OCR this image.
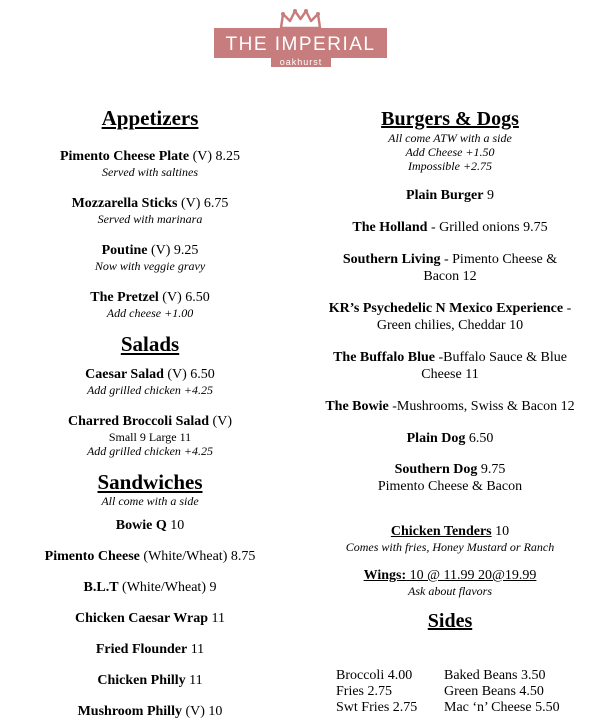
THE IMPERIAL
oakhurst
Appetizers
Pimento Cheese Plate (V) 8.25
Served with saltines
Mozzarella Sticks (V) 6.75
Served with marinara
Poutine (V) 9.25
Now with veggie gravy
The Pretzel (V) 6.50
Add cheese +1.00
Salads
Caesar Salad (V) 6.50
Add grilled chicken +4.25
Charred Broccoli Salad (V)
Small 9 Large 11
Add grilled chicken +4.25
Sandwiches
All come with a side
Bowie Q 10
Pimento Cheese (White/Wheat) 8.75
B.L.T (White/Wheat) 9
Chicken Caesar Wrap 11
Fried Flounder 11
Chicken Philly 11
Mushroom Philly (V) 10
Burgers & Dogs
All come ATW with a side
Add Cheese +1.50
Impossible +2.75
Plain Burger 9
The Holland - Grilled onions 9.75
Southern Living - Pimento Cheese & Bacon 12
KR’s Psychedelic N Mexico Experience -Green chilies, Cheddar 10
The Buffalo Blue -Buffalo Sauce & Blue Cheese 11
The Bowie -Mushrooms, Swiss & Bacon 12
Plain Dog 6.50
Southern Dog 9.75
Pimento Cheese & Bacon
Chicken Tenders 10
Comes with fries, Honey Mustard or Ranch
Wings: 10 @ 11.99 20@19.99
Ask about flavors
Sides
Broccoli 4.00	Baked Beans 3.50
Fries 2.75	Green Beans 4.50
Swt Fries 2.75	Mac ‘n’ Cheese 5.50
